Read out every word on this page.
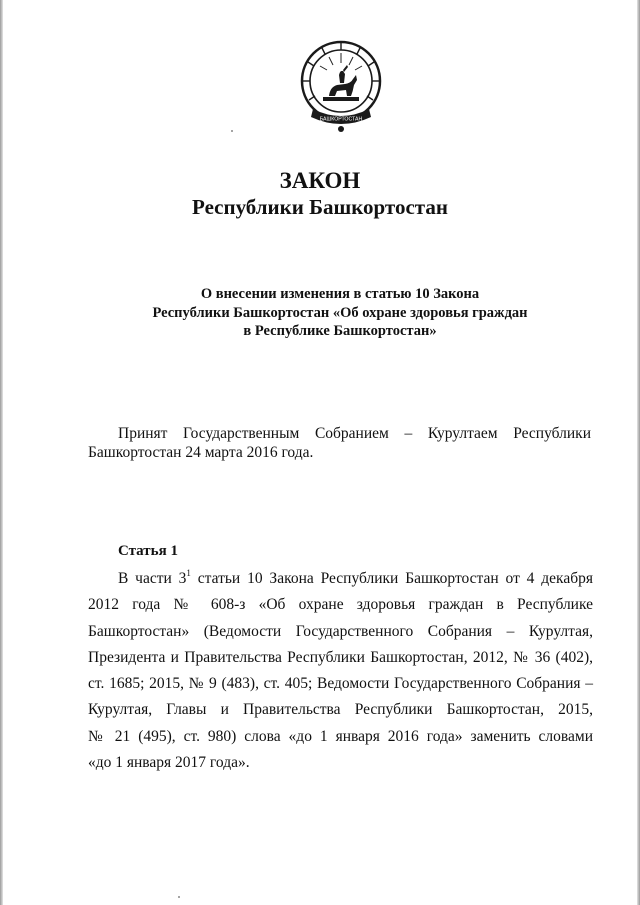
БАШКОРТОСТАН
ЗАКОН
Республики Башкортостан
О внесении изменения в статью 10 Закона
Республики Башкортостан «Об охране здоровья граждан
в Республике Башкортостан»
Принят Государственным Собранием – Курултаем Республики
Башкортостан 24 марта 2016 года.
Статья 1
В части $3^1$ статьи 10 Закона Республики Башкортостан от 4 декабря
2012 года № 608-з «Об охране здоровья граждан в Республике
Башкортостан» (Ведомости Государственного Собрания – Курултая,
Президента и Правительства Республики Башкортостан, 2012, № 36 (402),
ст. 1685; 2015, № 9 (483), ст. 405; Ведомости Государственного Собрания –
Курултая, Главы и Правительства Республики Башкортостан, 2015,
№ 21 (495), ст. 980) слова «до 1 января 2016 года» заменить словами
«до 1 января 2017 года».
